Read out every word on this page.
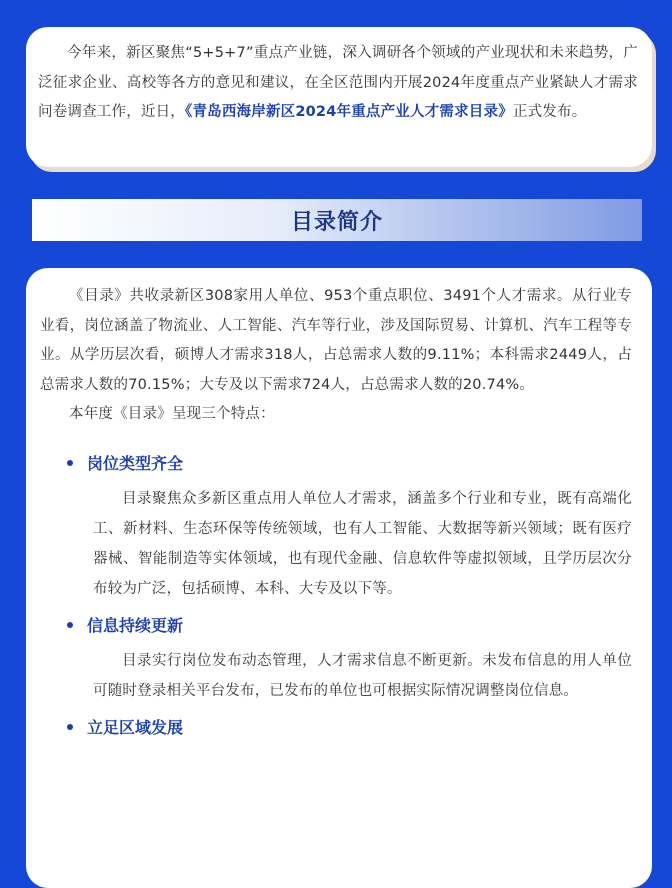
今年来，新区聚焦“5+5+7”重点产业链，深入调研各个领域的产业现状和未来趋势，广泛征求企业、高校等各方的意见和建议，在全区范围内开展2024年度重点产业紧缺人才需求问卷调查工作，近日，《青岛西海岸新区2024年重点产业人才需求目录》正式发布。

目录简介

《目录》共收录新区308家用人单位、953个重点职位、3491个人才需求。从行业专业看，岗位涵盖了物流业、人工智能、汽车等行业，涉及国际贸易、计算机、汽车工程等专业。从学历层次看，硕博人才需求318人，占总需求人数的9.11%；本科需求2449人，占总需求人数的70.15%；大专及以下需求724人，占总需求人数的20.74%。

本年度《目录》呈现三个特点：

岗位类型齐全

目录聚焦众多新区重点用人单位人才需求，涵盖多个行业和专业，既有高端化工、新材料、生态环保等传统领域，也有人工智能、大数据等新兴领域；既有医疗器械、智能制造等实体领域，也有现代金融、信息软件等虚拟领域，且学历层次分布较为广泛，包括硕博、本科、大专及以下等。

信息持续更新

目录实行岗位发布动态管理，人才需求信息不断更新。未发布信息的用人单位可随时登录相关平台发布，已发布的单位也可根据实际情况调整岗位信息。

立足区域发展
